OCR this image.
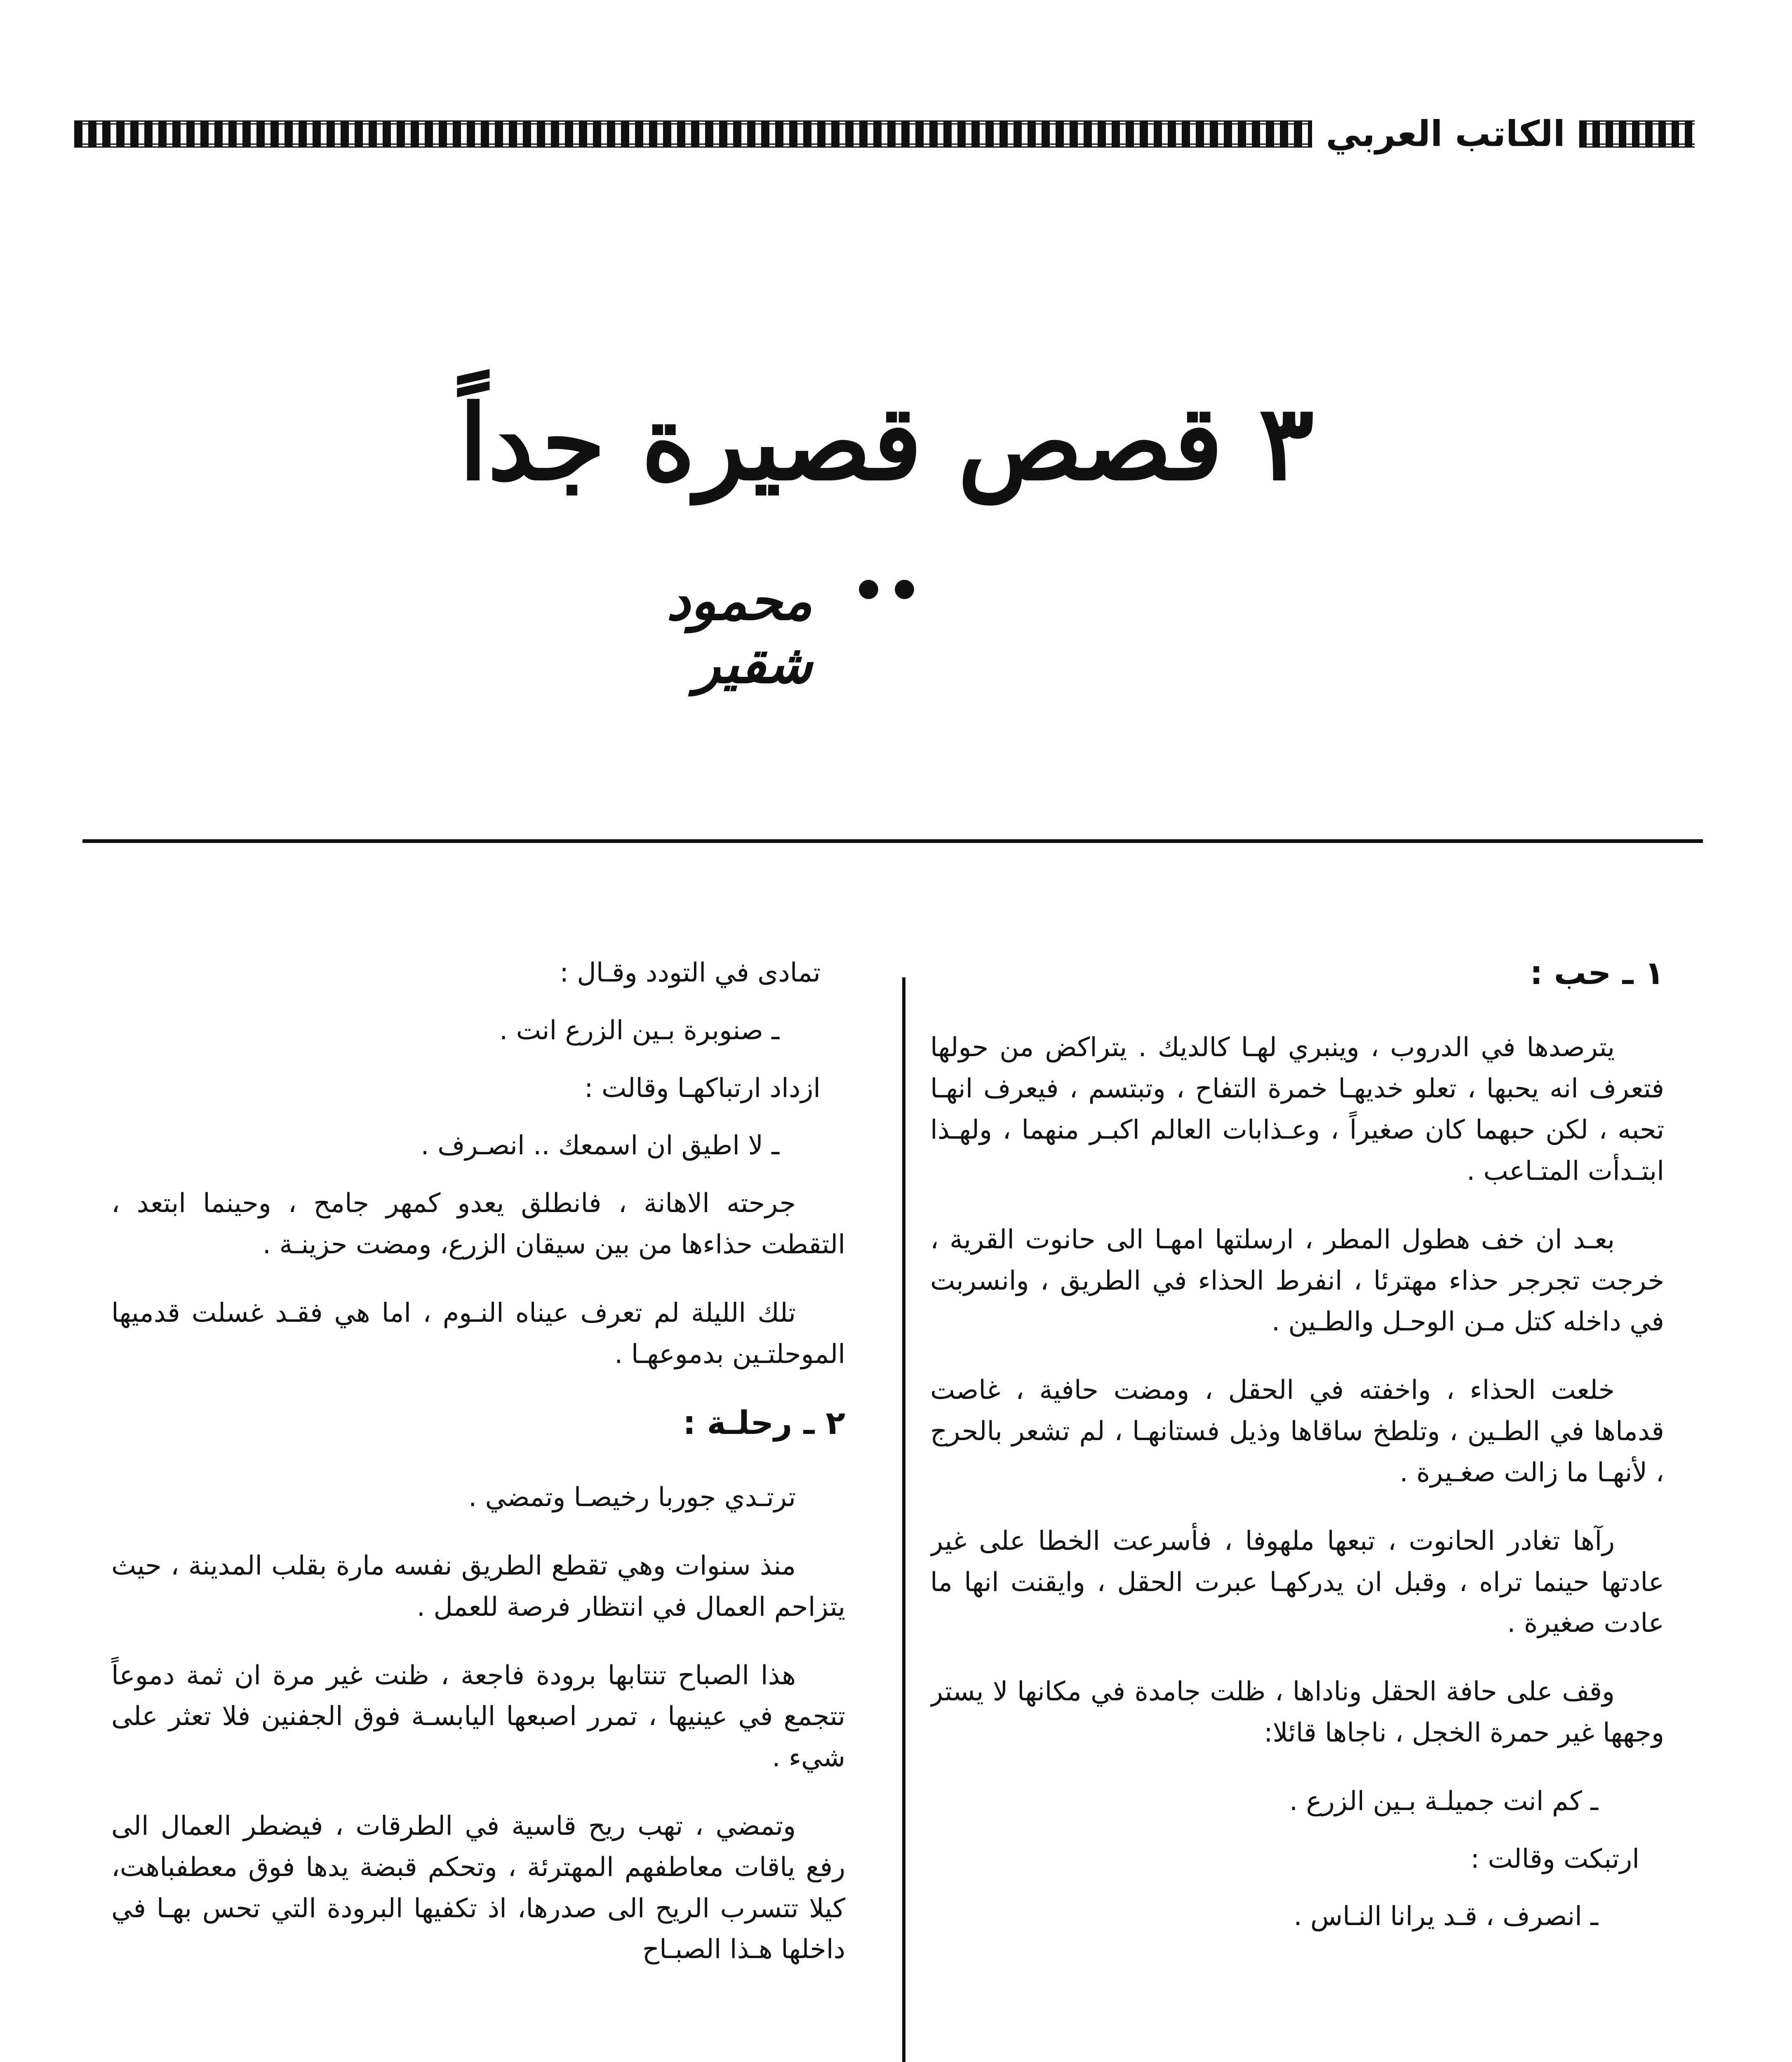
الكاتب العربي
٣ قصص قصيرة جداً ..
محمود شقير
١ ـ حب :

يترصدها في الدروب ، وينبري لهـا كالديك . يتراكض من حولها فتعرف انه يحبها ، تعلو خديهـا خمرة التفاح ، وتبتسم ، فيعرف انهـا تحبه ، لكن حبهما كان صغيراً ، وعـذابات العالم اكبـر منهما ، ولهـذا ابتـدأت المتـاعب .

بعـد ان خف هطول المطر ، ارسلتها امهـا الى حانوت القرية ، خرجت تجرجر حذاء مهترئا ، انفرط الحذاء في الطريق ، وانسربت في داخله كتل مـن الوحـل والطـين .

خلعت الحذاء ، واخفته في الحقل ، ومضت حافية ، غاصت قدماها في الطـين ، وتلطخ ساقاها وذيل فستانهـا ، لم تشعر بالحرج ، لأنهـا ما زالت صغـيرة .

رآها تغادر الحانوت ، تبعها ملهوفا ، فأسرعت الخطا على غير عادتها حينما تراه ، وقبل ان يدركهـا عبرت الحقل ، وايقنت انها ما عادت صغيرة .

وقف على حافة الحقل وناداها ، ظلت جامدة في مكانها لا يستر وجهها غير حمرة الخجل ، ناجاها قائلا:

ـ كم انت جميلـة بـين الزرع .

ارتبكت وقالت :

ـ انصرف ، قـد يرانا النـاس .

تمادى في التودد وقـال :

ـ صنوبرة بـين الزرع انت .

ازداد ارتباكهـا وقالت :

ـ لا اطيق ان اسمعك .. انصـرف .

جرحته الاهانة ، فانطلق يعدو كمهر جامح ، وحينما ابتعد ، التقطت حذاءها من بين سيقان الزرع، ومضت حزينـة .

تلك الليلة لم تعرف عيناه النـوم ، اما هي فقـد غسلت قدميها الموحلتـين بدموعهـا .

٢ ـ رحلـة :

ترتـدي جوربا رخيصـا وتمضي .

منذ سنوات وهي تقطع الطريق نفسه مارة بقلب المدينة ، حيث يتزاحم العمال في انتظار فرصة للعمل .

هذا الصباح تنتابها برودة فاجعة ، ظنت غير مرة ان ثمة دموعاً تتجمع في عينيها ، تمرر اصبعها اليابسـة فوق الجفنين فلا تعثر على شيء .

وتمضي ، تهب ريح قاسية في الطرقات ، فيضطر العمال الى رفع ياقات معاطفهم المهترئة ، وتحكم قبضة يدها فوق معطفباهت، كيلا تتسرب الريح الى صدرها، اذ تكفيها البرودة التي تحس بهـا في داخلها هـذا الصبـاح
